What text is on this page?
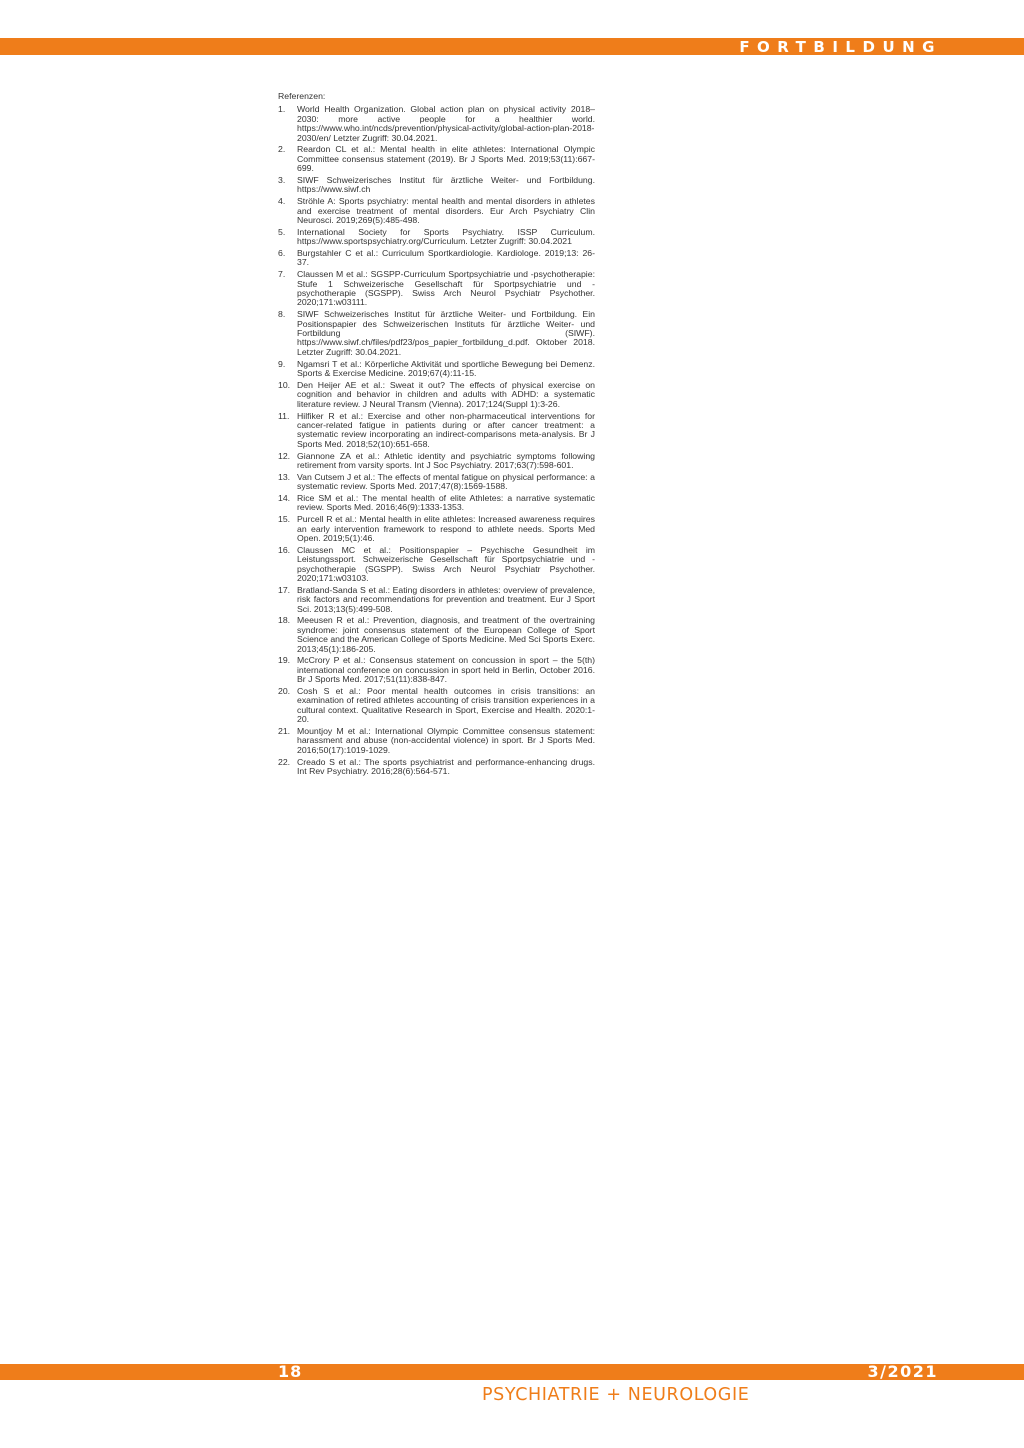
FORTBILDUNG
Referenzen:
1. World Health Organization. Global action plan on physical activity 2018–2030: more active people for a healthier world. https://www.who.int/ncds/prevention/physical-activity/global-action-plan-2018-2030/en/ Letzter Zugriff: 30.04.2021.
2. Reardon CL et al.: Mental health in elite athletes: International Olympic Committee consensus statement (2019). Br J Sports Med. 2019;53(11):667-699.
3. SIWF Schweizerisches Institut für ärztliche Weiter- und Fortbildung. https://www.siwf.ch
4. Ströhle A: Sports psychiatry: mental health and mental disorders in athletes and exercise treatment of mental disorders. Eur Arch Psychiatry Clin Neurosci. 2019;269(5):485-498.
5. International Society for Sports Psychiatry. ISSP Curriculum. https://www.sportspsychiatry.org/Curriculum. Letzter Zugriff: 30.04.2021
6. Burgstahler C et al.: Curriculum Sportkardiologie. Kardiologe. 2019;13: 26-37.
7. Claussen M et al.: SGSPP-Curriculum Sportpsychiatrie und -psychotherapie: Stufe 1 Schweizerische Gesellschaft für Sportpsychiatrie und -psychotherapie (SGSPP). Swiss Arch Neurol Psychiatr Psychother. 2020;171:w03111.
8. SIWF Schweizerisches Institut für ärztliche Weiter- und Fortbildung. Ein Positionspapier des Schweizerischen Instituts für ärztliche Weiter- und Fortbildung (SIWF). https://www.siwf.ch/files/pdf23/pos_papier_fortbildung_d.pdf. Oktober 2018. Letzter Zugriff: 30.04.2021.
9. Ngamsri T et al.: Körperliche Aktivität und sportliche Bewegung bei Demenz. Sports & Exercise Medicine. 2019;67(4):11-15.
10. Den Heijer AE et al.: Sweat it out? The effects of physical exercise on cognition and behavior in children and adults with ADHD: a systematic literature review. J Neural Transm (Vienna). 2017;124(Suppl 1):3-26.
11. Hilfiker R et al.: Exercise and other non-pharmaceutical interventions for cancer-related fatigue in patients during or after cancer treatment: a systematic review incorporating an indirect-comparisons meta-analysis. Br J Sports Med. 2018;52(10):651-658.
12. Giannone ZA et al.: Athletic identity and psychiatric symptoms following retirement from varsity sports. Int J Soc Psychiatry. 2017;63(7):598-601.
13. Van Cutsem J et al.: The effects of mental fatigue on physical performance: a systematic review. Sports Med. 2017;47(8):1569-1588.
14. Rice SM et al.: The mental health of elite Athletes: a narrative systematic review. Sports Med. 2016;46(9):1333-1353.
15. Purcell R et al.: Mental health in elite athletes: Increased awareness requires an early intervention framework to respond to athlete needs. Sports Med Open. 2019;5(1):46.
16. Claussen MC et al.: Positionspapier – Psychische Gesundheit im Leistungssport. Schweizerische Gesellschaft für Sportpsychiatrie und -psychotherapie (SGSPP). Swiss Arch Neurol Psychiatr Psychother. 2020;171:w03103.
17. Bratland-Sanda S et al.: Eating disorders in athletes: overview of prevalence, risk factors and recommendations for prevention and treatment. Eur J Sport Sci. 2013;13(5):499-508.
18. Meeusen R et al.: Prevention, diagnosis, and treatment of the overtraining syndrome: joint consensus statement of the European College of Sport Science and the American College of Sports Medicine. Med Sci Sports Exerc. 2013;45(1):186-205.
19. McCrory P et al.: Consensus statement on concussion in sport – the 5(th) international conference on concussion in sport held in Berlin, October 2016. Br J Sports Med. 2017;51(11):838-847.
20. Cosh S et al.: Poor mental health outcomes in crisis transitions: an examination of retired athletes accounting of crisis transition experiences in a cultural context. Qualitative Research in Sport, Exercise and Health. 2020:1-20.
21. Mountjoy M et al.: International Olympic Committee consensus statement: harassment and abuse (non-accidental violence) in sport. Br J Sports Med. 2016;50(17):1019-1029.
22. Creado S et al.: The sports psychiatrist and performance-enhancing drugs. Int Rev Psychiatry. 2016;28(6):564-571.
18	3/2021
PSYCHIATRIE + NEUROLOGIE
